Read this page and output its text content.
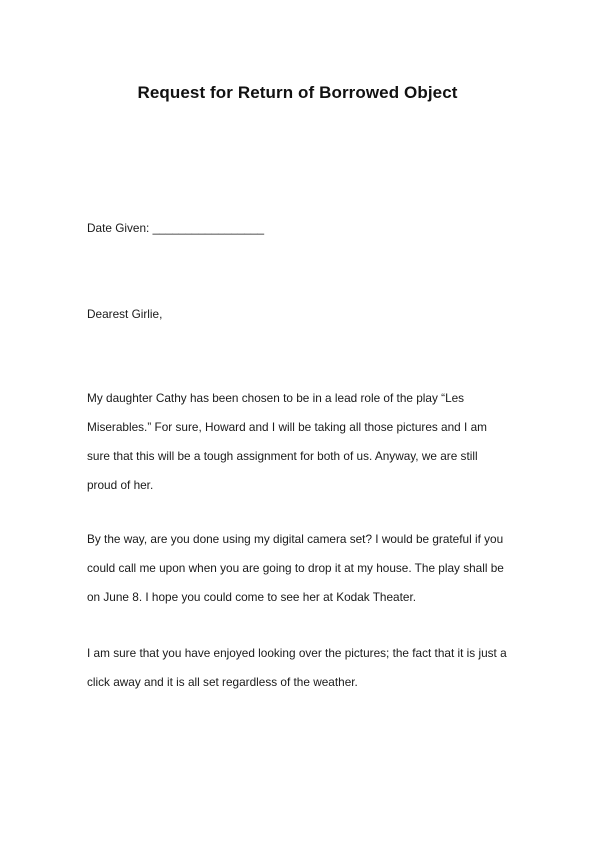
Request for Return of Borrowed Object
Date Given: _________________
Dearest Girlie,
My daughter Cathy has been chosen to be in a lead role of the play “Les
Miserables.” For sure, Howard and I will be taking all those pictures and I am
sure that this will be a tough assignment for both of us. Anyway, we are still
proud of her.
By the way, are you done using my digital camera set? I would be grateful if you
could call me upon when you are going to drop it at my house. The play shall be
on June 8. I hope you could come to see her at Kodak Theater.
I am sure that you have enjoyed looking over the pictures; the fact that it is just a
click away and it is all set regardless of the weather.
